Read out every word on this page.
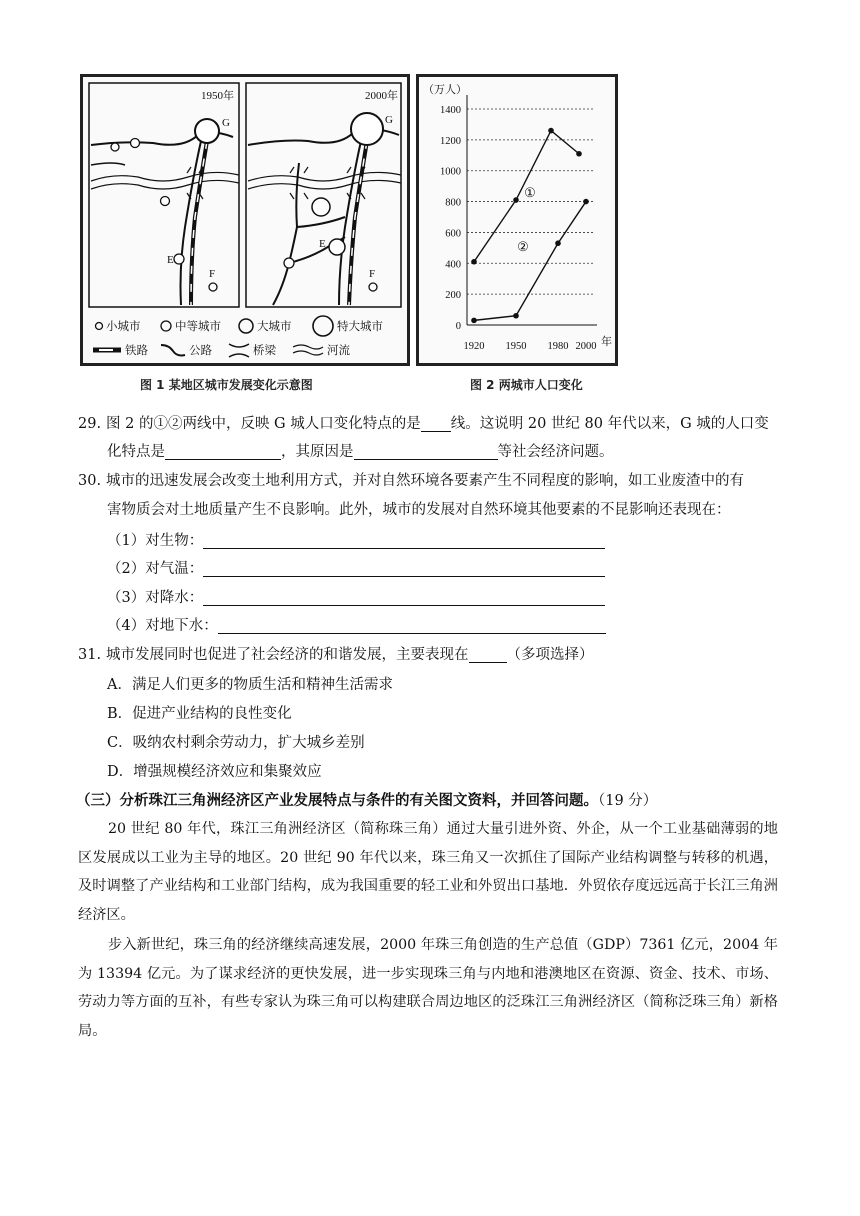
1950年	2000年
G
E
F
G
E
F
小城市	中等城市	大城市	特大城市
铁路	公路	桥梁	河流
（万人）
0
200
400
600
800
1000
1200
1400
1920 1950 1980 2000 年
①
②
图 1 某地区城市发展变化示意图	图 2 两城市人口变化
29. 图 2 的①②两线中，反映 G 城人口变化特点的是 线。这说明 20 世纪 80 年代以来，G 城的人口变
化特点是	，其原因是	等社会经济问题。
30. 城市的迅速发展会改变土地利用方式，并对自然环境各要素产生不同程度的影响，如工业废渣中的有
害物质会对土地质量产生不良影响。此外，城市的发展对自然环境其他要素的不昆影响还表现在：
（1）对生物：
（2）对气温：
（3）对降水：
（4）对地下水：
31. 城市发展同时也促进了社会经济的和谐发展，主要表现在	（多项选择）
A．满足人们更多的物质生活和精神生活需求
B．促进产业结构的良性变化
C．吸纳农村剩余劳动力，扩大城乡差别
D．增强规模经济效应和集聚效应
（三）分析珠江三角洲经济区产业发展特点与条件的有关图文资料，并回答问题。（19 分）
20 世纪 80 年代，珠江三角洲经济区（简称珠三角）通过大量引进外资、外企，从一个工业基础薄弱的地区发展成以工业为主导的地区。20 世纪 90 年代以来，珠三角又一次抓住了国际产业结构调整与转移的机遇，及时调整了产业结构和工业部门结构，成为我国重要的轻工业和外贸出口基地．外贸依存度远远高于长江三角洲经济区。
步入新世纪，珠三角的经济继续高速发展，2000 年珠三角创造的生产总值（GDP）7361 亿元，2004 年为 13394 亿元。为了谋求经济的更快发展，进一步实现珠三角与内地和港澳地区在资源、资金、技术、市场、劳动力等方面的互补，有些专家认为珠三角可以构建联合周边地区的泛珠江三角洲经济区（简称泛珠三角）新格局。
